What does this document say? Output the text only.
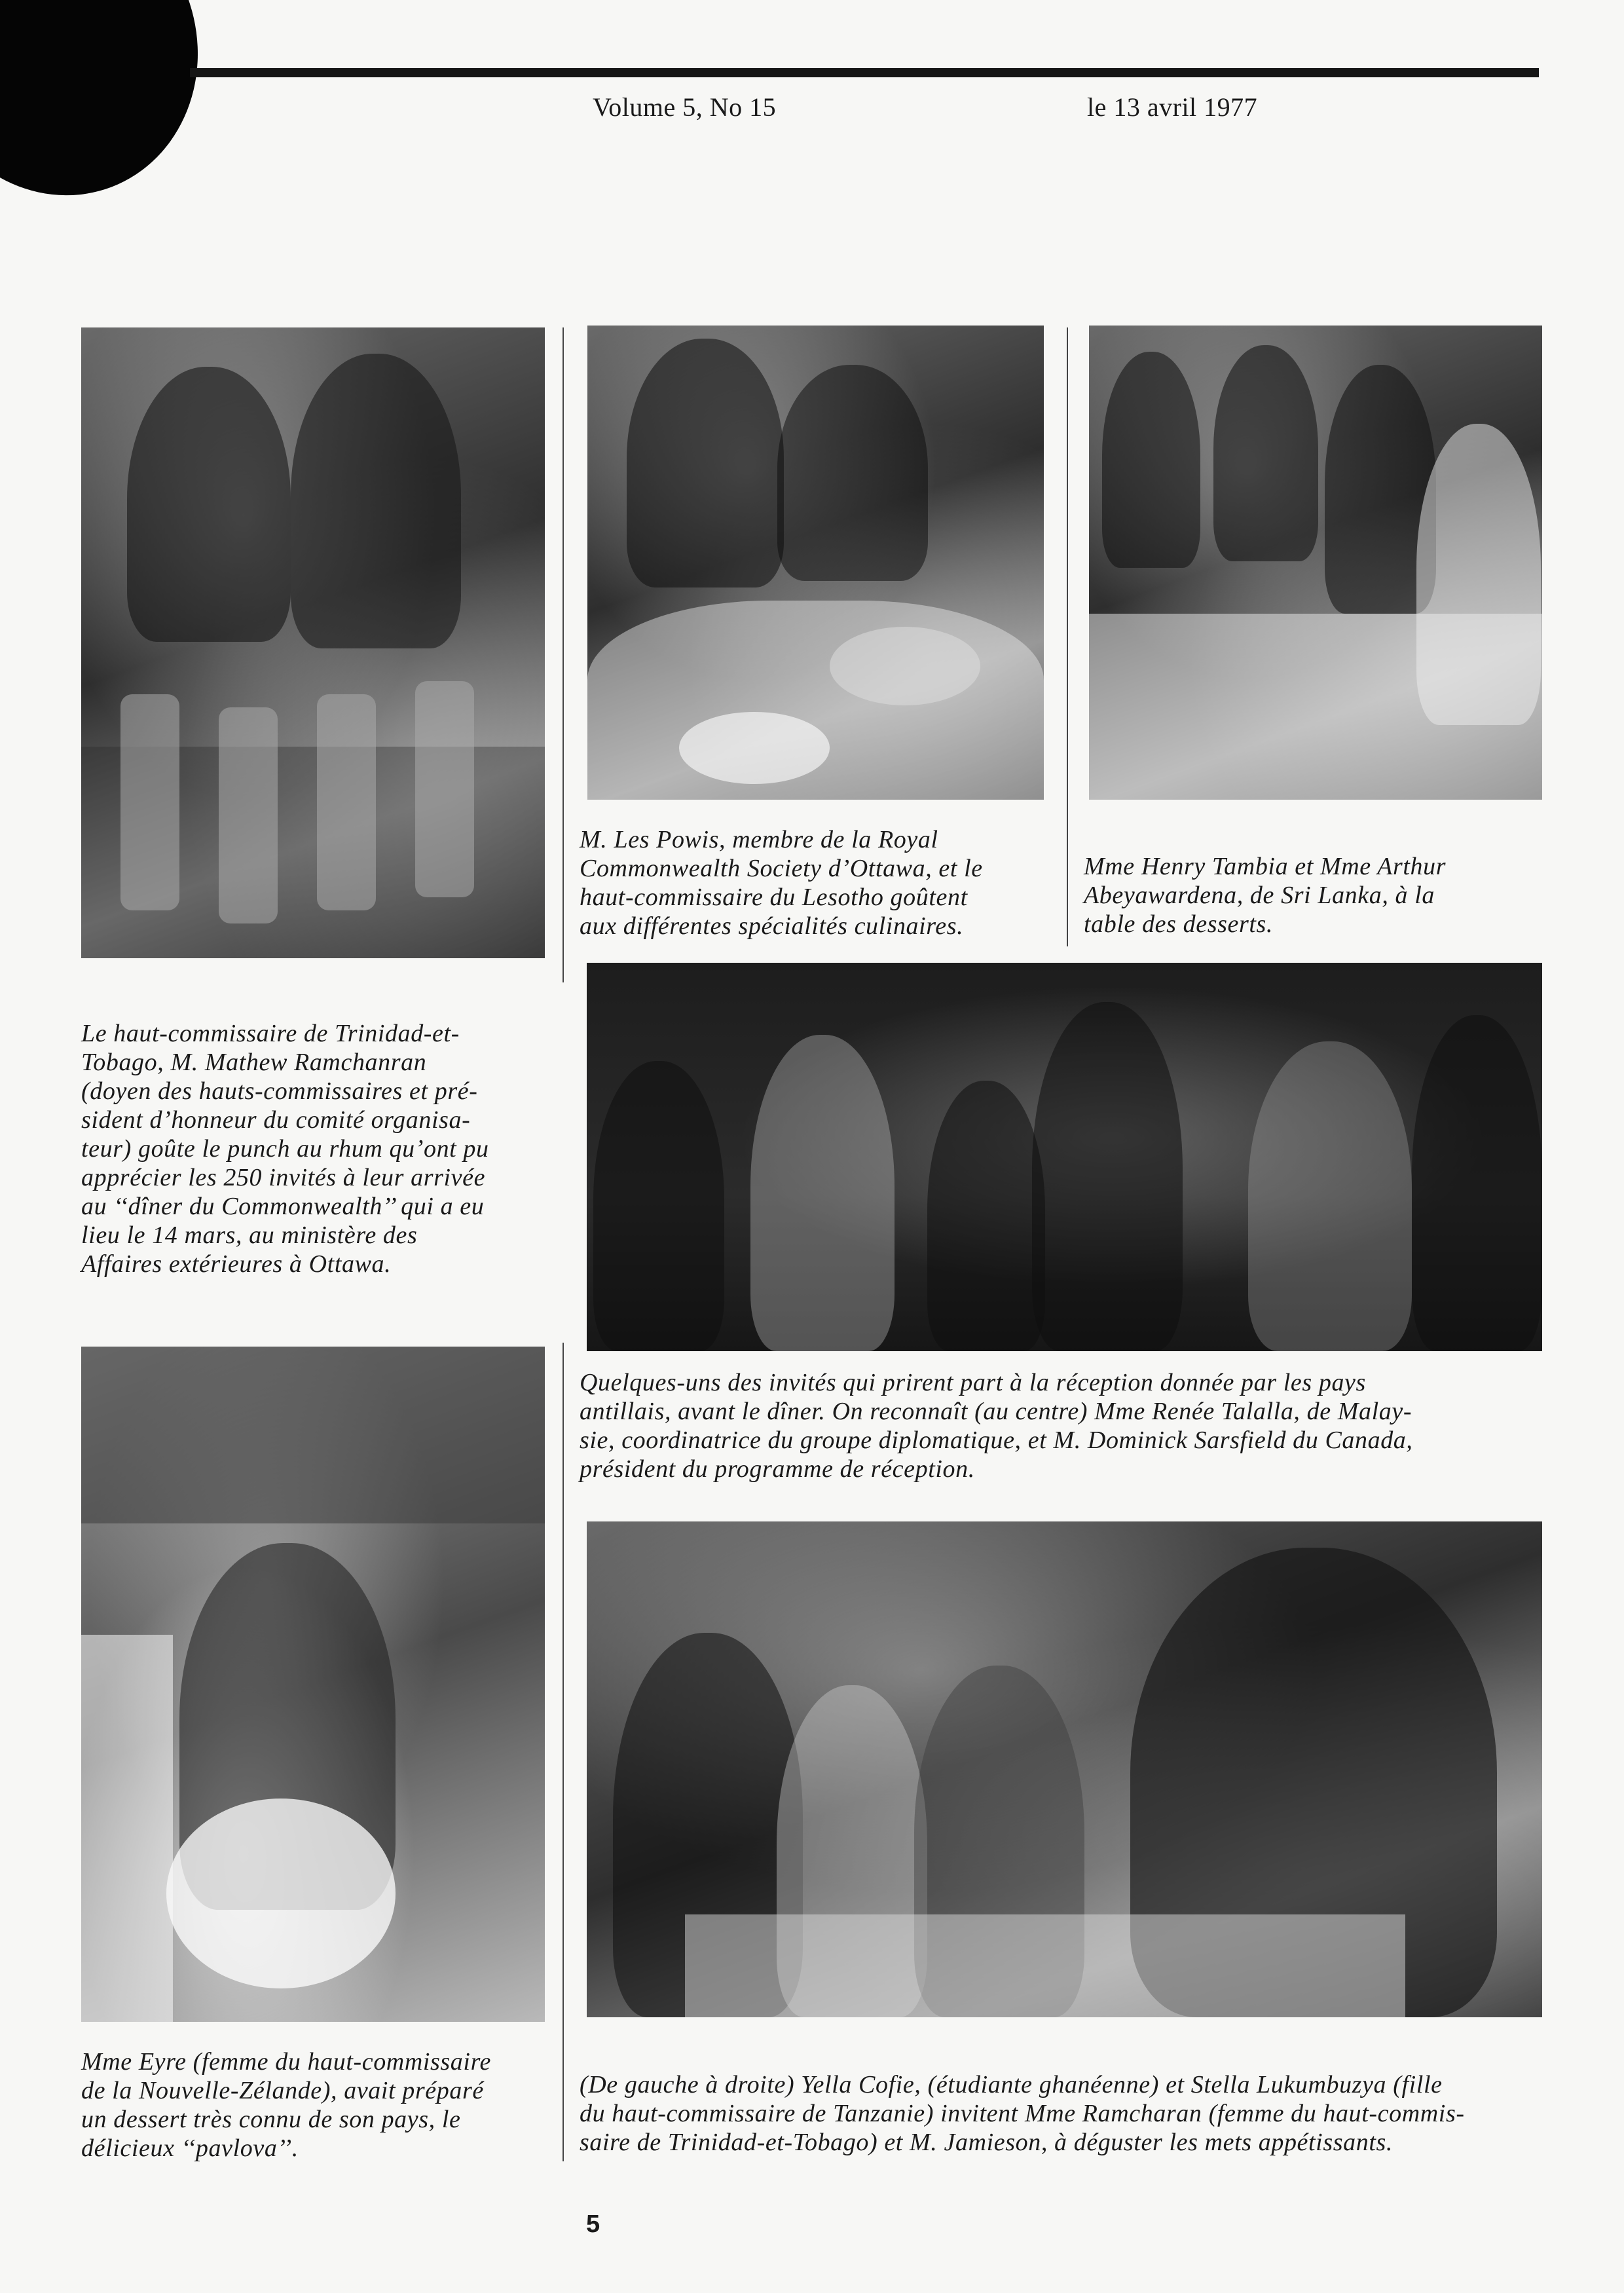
Volume 5, No 15	le 13 avril 1977

Le haut-commissaire de Trinidad-et-
Tobago, M. Mathew Ramchanran
(doyen des hauts-commissaires et pré-
sident d’honneur du comité organisa-
teur) goûte le punch au rhum qu’ont pu
apprécier les 250 invités à leur arrivée
au ‘‘dîner du Commonwealth’’ qui a eu
lieu le 14 mars, au ministère des
Affaires extérieures à Ottawa.

M. Les Powis, membre de la Royal
Commonwealth Society d’Ottawa, et le
haut-commissaire du Lesotho goûtent
aux différentes spécialités culinaires.

Mme Henry Tambia et Mme Arthur
Abeyawardena, de Sri Lanka, à la
table des desserts.

Quelques-uns des invités qui prirent part à la réception donnée par les pays
antillais, avant le dîner. On reconnaît (au centre) Mme Renée Talalla, de Malay-
sie, coordinatrice du groupe diplomatique, et M. Dominick Sarsfield du Canada,
président du programme de réception.

Mme Eyre (femme du haut-commissaire
de la Nouvelle-Zélande), avait préparé
un dessert très connu de son pays, le
délicieux ‘‘pavlova’’.

(De gauche à droite) Yella Cofie, (étudiante ghanéenne) et Stella Lukumbuzya (fille
du haut-commissaire de Tanzanie) invitent Mme Ramcharan (femme du haut-commis-
saire de Trinidad-et-Tobago) et M. Jamieson, à déguster les mets appétissants.

5
